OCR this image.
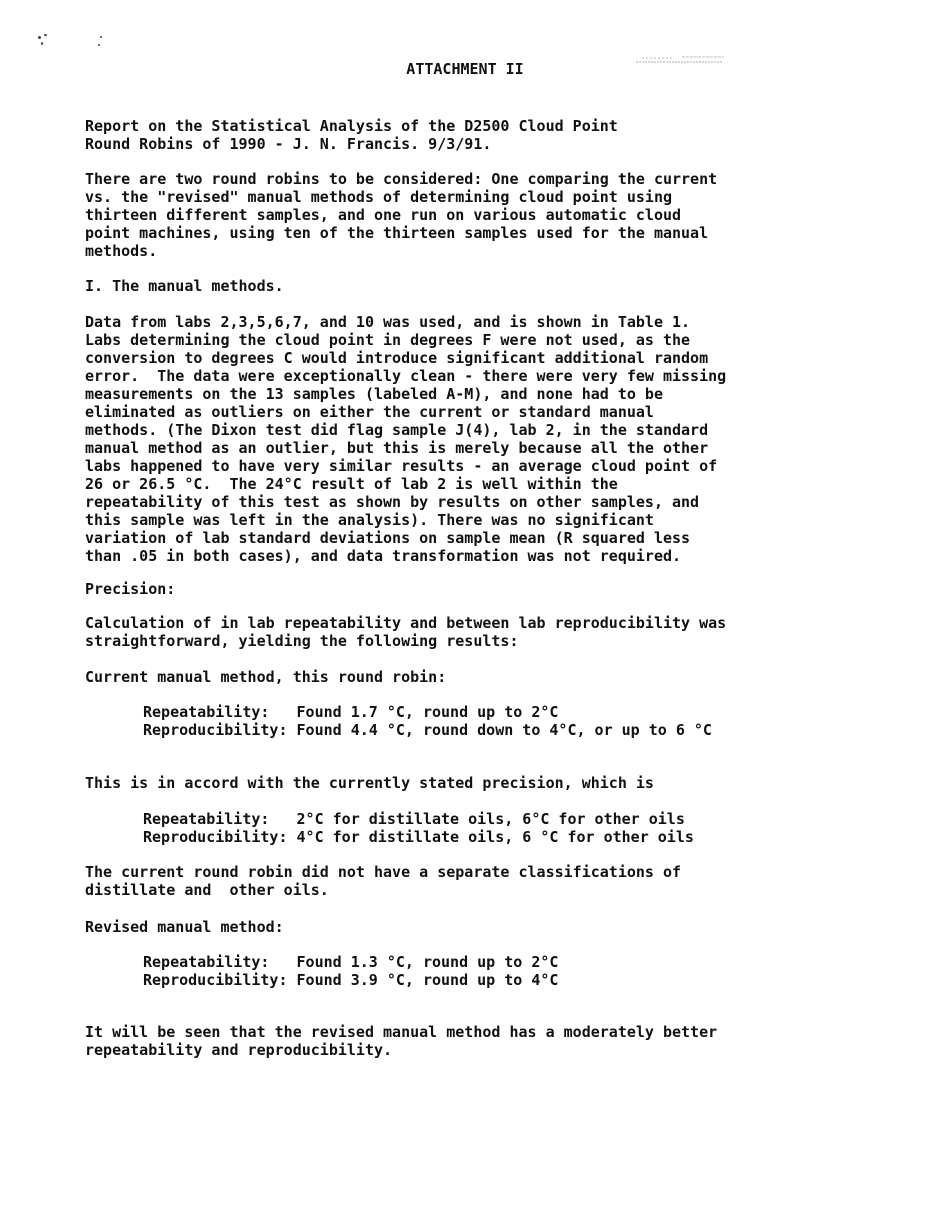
ATTACHMENT II
Report on the Statistical Analysis of the D2500 Cloud Point
Round Robins of 1990 - J. N. Francis. 9/3/91.
There are two round robins to be considered: One comparing the current
vs. the "revised" manual methods of determining cloud point using
thirteen different samples, and one run on various automatic cloud
point machines, using ten of the thirteen samples used for the manual
methods.
I. The manual methods.
Data from labs 2,3,5,6,7, and 10 was used, and is shown in Table 1.
Labs determining the cloud point in degrees F were not used, as the
conversion to degrees C would introduce significant additional random
error.  The data were exceptionally clean - there were very few missing
measurements on the 13 samples (labeled A-M), and none had to be
eliminated as outliers on either the current or standard manual
methods. (The Dixon test did flag sample J(4), lab 2, in the standard
manual method as an outlier, but this is merely because all the other
labs happened to have very similar results - an average cloud point of
26 or 26.5 °C.  The 24°C result of lab 2 is well within the
repeatability of this test as shown by results on other samples, and
this sample was left in the analysis). There was no significant
variation of lab standard deviations on sample mean (R squared less
than .05 in both cases), and data transformation was not required.
Precision:
Calculation of in lab repeatability and between lab reproducibility was
straightforward, yielding the following results:
Current manual method, this round robin:
Repeatability:   Found 1.7 °C, round up to 2°C
Reproducibility: Found 4.4 °C, round down to 4°C, or up to 6 °C
This is in accord with the currently stated precision, which is
Repeatability:   2°C for distillate oils, 6°C for other oils
Reproducibility: 4°C for distillate oils, 6 °C for other oils
The current round robin did not have a separate classifications of
distillate and  other oils.
Revised manual method:
Repeatability:   Found 1.3 °C, round up to 2°C
Reproducibility: Found 3.9 °C, round up to 4°C
It will be seen that the revised manual method has a moderately better
repeatability and reproducibility.
